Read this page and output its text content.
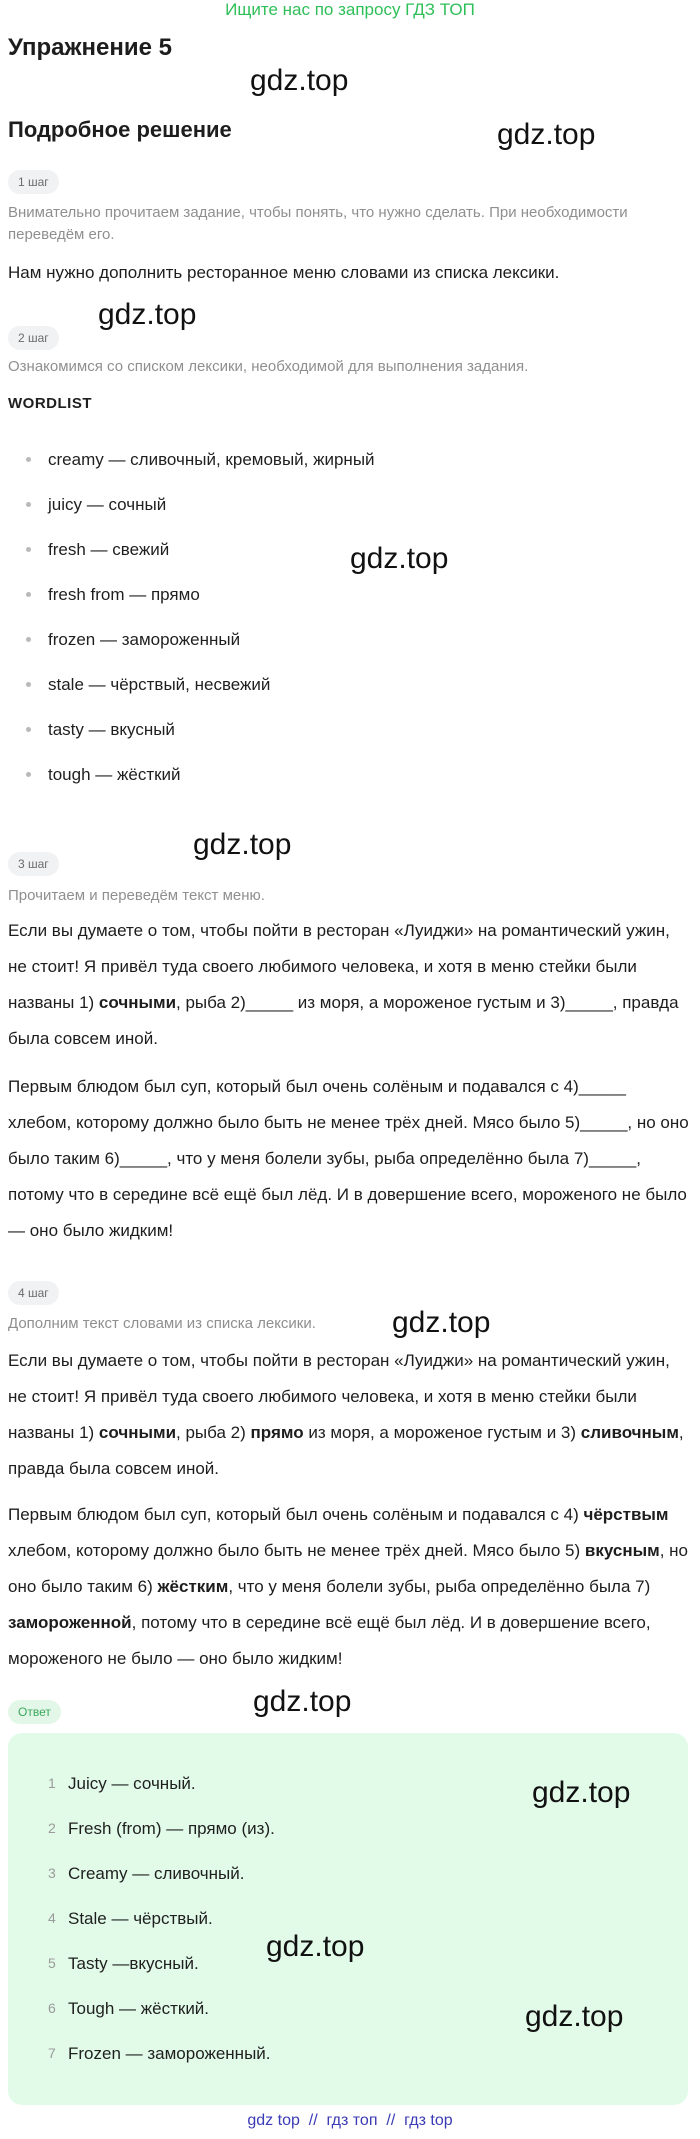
Ищите нас по запросу ГДЗ ТОП
Упражнение 5
gdz.top
Подробное решение	gdz.top
1 шаг
Внимательно прочитаем задание, чтобы понять, что нужно сделать. При необходимости переведём его.
Нам нужно дополнить ресторанное меню словами из списка лексики.
2 шаг
gdz.top
Ознакомимся со списком лексики, необходимой для выполнения задания.
WORDLIST
creamy — сливочный, кремовый, жирный
juicy — сочный
fresh — свежий
fresh from — прямо
frozen — замороженный
stale — чёрствый, несвежий
tasty — вкусный
tough — жёсткий
gdz.top
3 шаг
gdz.top
Прочитаем и переведём текст меню.
Если вы думаете о том, чтобы пойти в ресторан «Луиджи» на романтический ужин, не стоит! Я привёл туда своего любимого человека, и хотя в меню стейки были названы 1) сочными, рыба 2)_____ из моря, а мороженое густым и 3)_____, правда была совсем иной.
Первым блюдом был суп, который был очень солёным и подавался с 4)_____ хлебом, которому должно было быть не менее трёх дней. Мясо было 5)_____, но оно было таким 6)_____, что у меня болели зубы, рыба определённо была 7)_____, потому что в середине всё ещё был лёд. И в довершение всего, мороженого не было — оно было жидким!
4 шаг
Дополним текст словами из списка лексики.	gdz.top
Если вы думаете о том, чтобы пойти в ресторан «Луиджи» на романтический ужин, не стоит! Я привёл туда своего любимого человека, и хотя в меню стейки были названы 1) сочными, рыба 2) прямо из моря, а мороженое густым и 3) сливочным, правда была совсем иной.
Первым блюдом был суп, который был очень солёным и подавался с 4) чёрствым хлебом, которому должно было быть не менее трёх дней. Мясо было 5) вкусным, но оно было таким 6) жёстким, что у меня болели зубы, рыба определённо была 7) замороженной, потому что в середине всё ещё был лёд. И в довершение всего, мороженого не было — оно было жидким!
Ответ	gdz.top
1 Juicy — сочный.
2 Fresh (from) — прямо (из).
3 Creamy — сливочный.
4 Stale — чёрствый.
5 Tasty —вкусный.
6 Tough — жёсткий.
7 Frozen — замороженный.
gdz.top
gdz.top
gdz.top
gdz top  //  гдз топ  //  гдз top
